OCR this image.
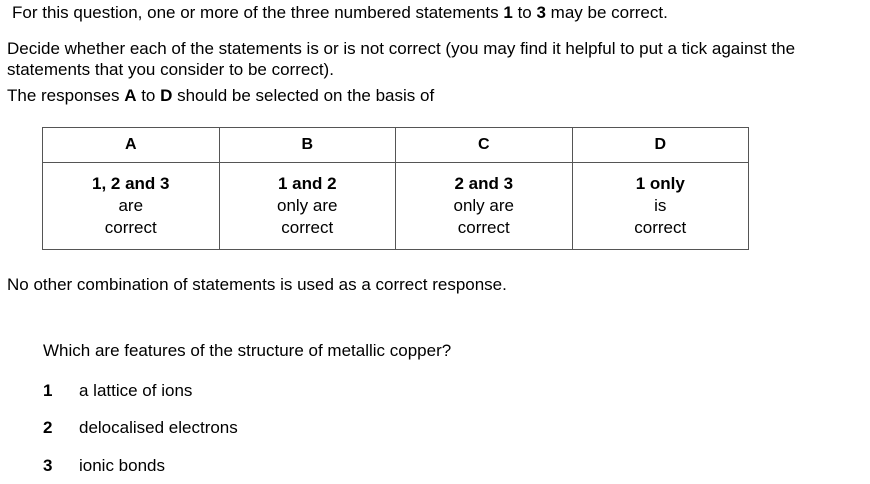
For this question, one or more of the three numbered statements 1 to 3 may be correct.
Decide whether each of the statements is or is not correct (you may find it helpful to put a tick against the statements that you consider to be correct).
The responses A to D should be selected on the basis of
A	B	C	D

1, 2 and 3
are
correct	1 and 2
only are
correct	2 and 3
only are
correct	1 only
is
correct
No other combination of statements is used as a correct response.
Which are features of the structure of metallic copper?
1 a lattice of ions
2 delocalised electrons
3 ionic bonds
